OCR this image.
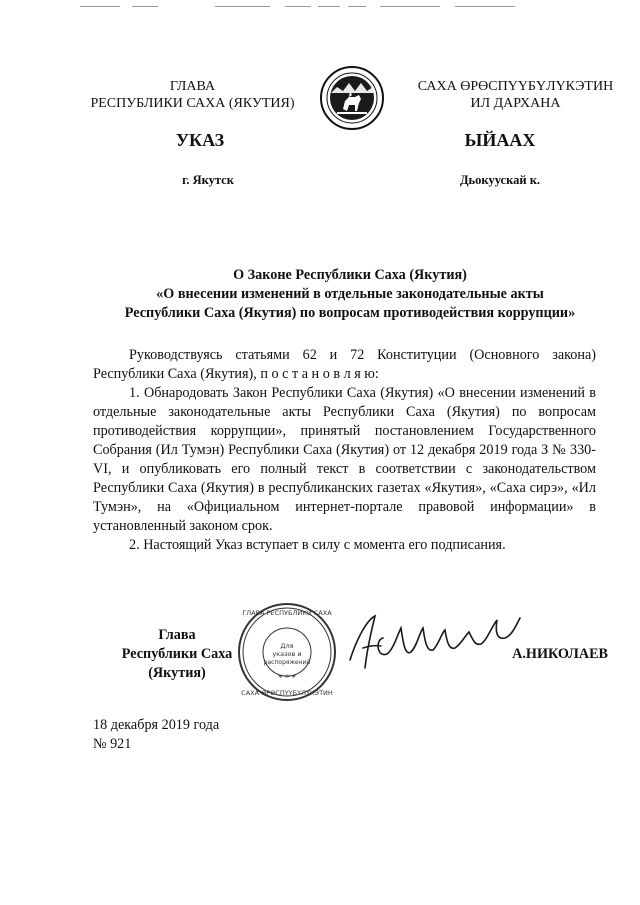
ГЛАВА
РЕСПУБЛИКИ САХА (ЯКУТИЯ)
САХА ӨРӨСПҮҮБҮЛҮКЭТИН
ИЛ ДАРХАНА
УКАЗ	ЫЙААХ
г. Якутск	Дьокуускай к.
О Законе Республики Саха (Якутия)
«О внесении изменений в отдельные законодательные акты
Республики Саха (Якутия) по вопросам противодействия коррупции»

Руководствуясь статьями 62 и 72 Конституции (Основного закона) Республики Саха (Якутия), п о с т а н о в л я ю:

1. Обнародовать Закон Республики Саха (Якутия) «О внесении изменений в отдельные законодательные акты Республики Саха (Якутия) по вопросам противодействия коррупции», принятый постановлением Государственного Собрания (Ил Тумэн) Республики Саха (Якутия) от 12 декабря 2019 года З № 330-VI, и опубликовать его полный текст в соответствии с законодательством Республики Саха (Якутия) в республиканских газетах «Якутия», «Саха сирэ», «Ил Тумэн», на «Официальном интернет-портале правовой информации» в установленный законом срок.

2. Настоящий Указ вступает в силу с момента его подписания.

Глава
Республики Саха (Якутия)
ГЛАВА РЕСПУБЛИКИ САХА
САХА ӨРӨСПҮҮБҮЛҮКЭТИН
Для
указов и
распоряжений
* * *
А.НИКОЛАЕВ
18 декабря 2019 года
№ 921
